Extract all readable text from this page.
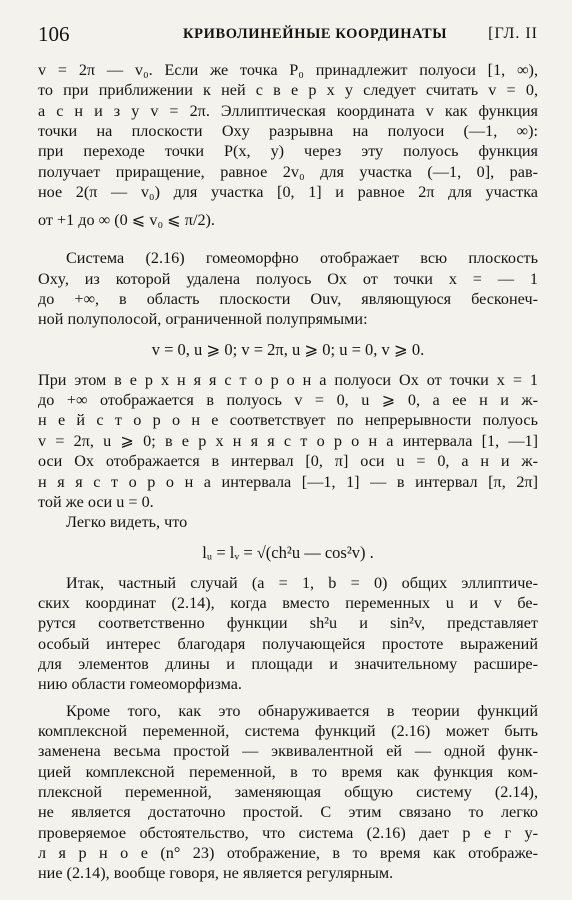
106	КРИВОЛИНЕЙНЫЕ КООРДИНАТЫ	[ГЛ. II
v = 2π — v₀. Если же точка P₀ принадлежит полуоси [1, ∞),
то при приближении к ней с в е р х у следует считать v = 0,
а с н и з у v = 2π. Эллиптическая координата v как функция
точки на плоскости Oxy разрывна на полуоси (—1, ∞):
при переходе точки P(x, y) через эту полуось функция
получает приращение, равное 2v₀ для участка (—1, 0], рав-
ное 2(π — v₀) для участка [0, 1] и равное 2π для участка
от +1 до ∞ (0 ⩽ v₀ ⩽ π/2).
Система (2.16) гомеоморфно отображает всю плоскость
Oxy, из которой удалена полуось Ox от точки x = — 1
до +∞, в область плоскости Ouv, являющуюся бесконеч-
ной полуполосой, ограниченной полупрямыми:
v = 0, u ⩾ 0; v = 2π, u ⩾ 0; u = 0, v ⩾ 0.
При этом в е р х н я я с т о р о н а полуоси Ox от точки x = 1
до +∞ отображается в полуось v = 0, u ⩾ 0, а ее н и ж-
н е й с т о р о н е соответствует по непрерывности полуось
v = 2π, u ⩾ 0; в е р х н я я с т о р о н а интервала [1, —1]
оси Ox отображается в интервал [0, π] оси u = 0, а н и ж-
н я я с т о р о н а интервала [—1, 1] — в интервал [π, 2π]
той же оси u = 0.
Легко видеть, что
lᵤ = lᵥ = √(ch²u — cos²v) .
Итак, частный случай (a = 1, b = 0) общих эллиптиче-
ских координат (2.14), когда вместо переменных u и v бе-
рутся соответственно функции sh²u и sin²v, представляет
особый интерес благодаря получающейся простоте выражений
для элементов длины и площади и значительному расшире-
нию области гомеоморфизма.
Кроме того, как это обнаруживается в теории функций
комплексной переменной, система функций (2.16) может быть
заменена весьма простой — эквивалентной ей — одной функ-
цией комплексной переменной, в то время как функция ком-
плексной переменной, заменяющая общую систему (2.14),
не является достаточно простой. С этим связано то легко
проверяемое обстоятельство, что система (2.16) дает р е г у-
л я р н о е (n° 23) отображение, в то время как отображе-
ние (2.14), вообще говоря, не является регулярным.
